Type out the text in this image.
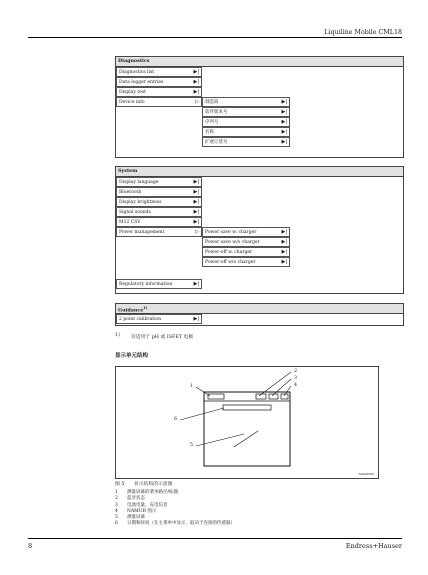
Liquiline Mobile CML18
Diagnostics
Diagnostics list	▶|
Data logger entries	▶|
Display test	▶|
Device info	▷	制造商	▶|
软件版本号	▶|
序列号	▶|
名称	▶|
扩展订货号	▶|
System
Display language	▶|
Bluetooth	▶|
Display brightness	▶|
Signal sounds	▶|
M12 CSV	▶|
Power management	▷	Power save w. charger	▶|
Power save w/o charger	▶|
Power-off w. charger	▶|
Power-off w/o charger	▶|
Regulatory information	▶|
Guidance$^{1)}$
2 point calibration	▶|
1) 仅适用于 pH 或 ISFET 电极
显示单元结构
1
2
3
4
6
5
A0000000
图 5 显示结构的示意图
1 测量屏幕的菜单路径/标题
2 蓝牙状态
3 电池电量、充电信息
4 NAMUR 图示
5 测量屏幕
6 日期和时间（在主菜单中显示，取决于连接的传感器）
8	Endress+Hauser
